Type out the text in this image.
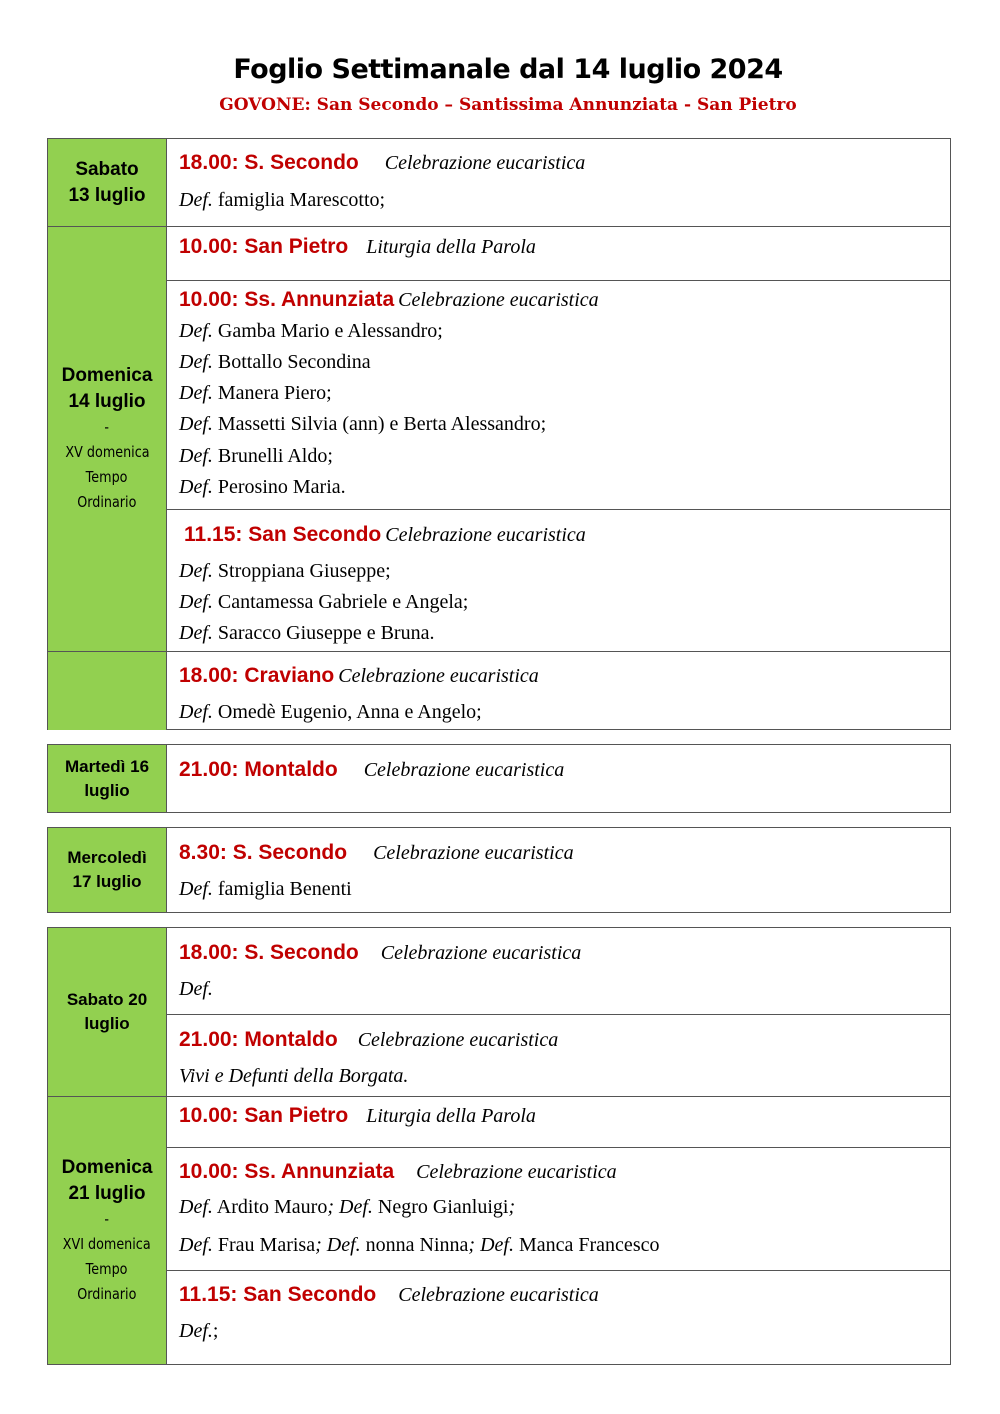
Foglio Settimanale dal 14 luglio 2024
GOVONE: San Secondo – Santissima Annunziata - San Pietro
Sabato
13 luglio
Domenica
14 luglio
-
XV domenica
Tempo
Ordinario
18.00: S. Secondo Celebrazione eucaristica
Def. famiglia Marescotto;
10.00: San Pietro Liturgia della Parola
10.00: Ss. Annunziata Celebrazione eucaristica
Def. Gamba Mario e Alessandro;
Def. Bottallo Secondina
Def. Manera Piero;
Def. Massetti Silvia (ann) e Berta Alessandro;
Def. Brunelli Aldo;
Def. Perosino Maria.
11.15: San Secondo Celebrazione eucaristica
Def. Stroppiana Giuseppe;
Def. Cantamessa Gabriele e Angela;
Def. Saracco Giuseppe e Bruna.
18.00: Craviano Celebrazione eucaristica
Def. Omedè Eugenio, Anna e Angelo;
Martedì 16
luglio
21.00: Montaldo Celebrazione eucaristica
Mercoledì
17 luglio
8.30: S. Secondo Celebrazione eucaristica
Def. famiglia Benenti
Sabato 20
luglio
Domenica
21 luglio
-
XVI domenica
Tempo
Ordinario
18.00: S. Secondo Celebrazione eucaristica
Def.
21.00: Montaldo Celebrazione eucaristica
Vivi e Defunti della Borgata.
10.00: San Pietro Liturgia della Parola
10.00: Ss. Annunziata Celebrazione eucaristica
Def. Ardito Mauro; Def. Negro Gianluigi;
Def. Frau Marisa; Def. nonna Ninna; Def. Manca Francesco
11.15: San Secondo Celebrazione eucaristica
Def.;
